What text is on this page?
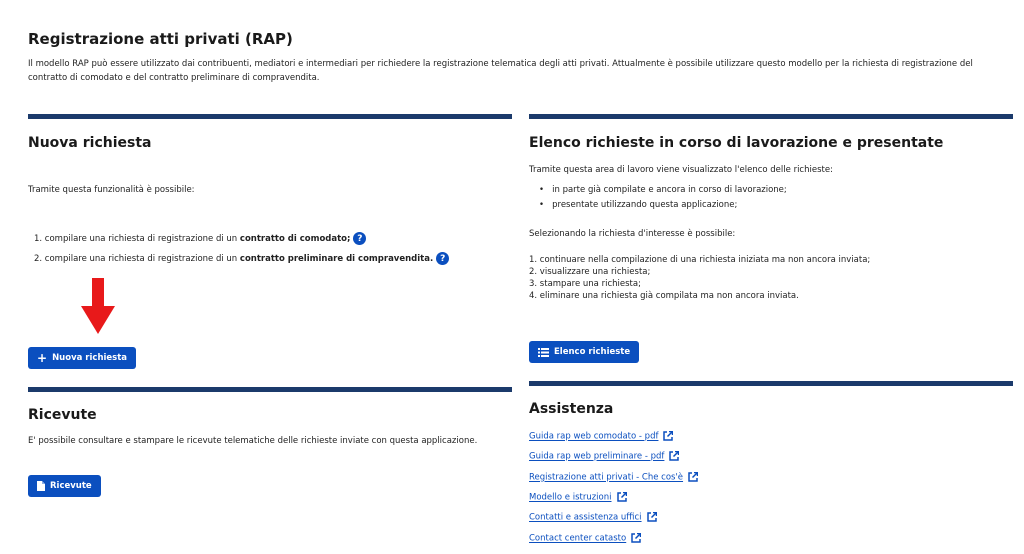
Registrazione atti privati (RAP)
Il modello RAP può essere utilizzato dai contribuenti, mediatori e intermediari per richiedere la registrazione telematica degli atti privati. Attualmente è possibile utilizzare questo modello per la richiesta di registrazione del contratto di comodato e del contratto preliminare di compravendita.
Nuova richiesta
Tramite questa funzionalità è possibile:
1. compilare una richiesta di registrazione di un contratto di comodato; ?
2. compilare una richiesta di registrazione di un contratto preliminare di compravendita. ?
+ Nuova richiesta
Elenco richieste in corso di lavorazione e presentate
Tramite questa area di lavoro viene visualizzato l'elenco delle richieste:
•   in parte già compilate e ancora in corso di lavorazione;
•   presentate utilizzando questa applicazione;
Selezionando la richiesta d'interesse è possibile:
1. continuare nella compilazione di una richiesta iniziata ma non ancora inviata;
2. visualizzare una richiesta;
3. stampare una richiesta;
4. eliminare una richiesta già compilata ma non ancora inviata.
Elenco richieste
Ricevute
E' possibile consultare e stampare le ricevute telematiche delle richieste inviate con questa applicazione.
Ricevute
Assistenza
Guida rap web comodato - pdf
Guida rap web preliminare - pdf
Registrazione atti privati - Che cos'è
Modello e istruzioni
Contatti e assistenza uffici
Contact center catasto
